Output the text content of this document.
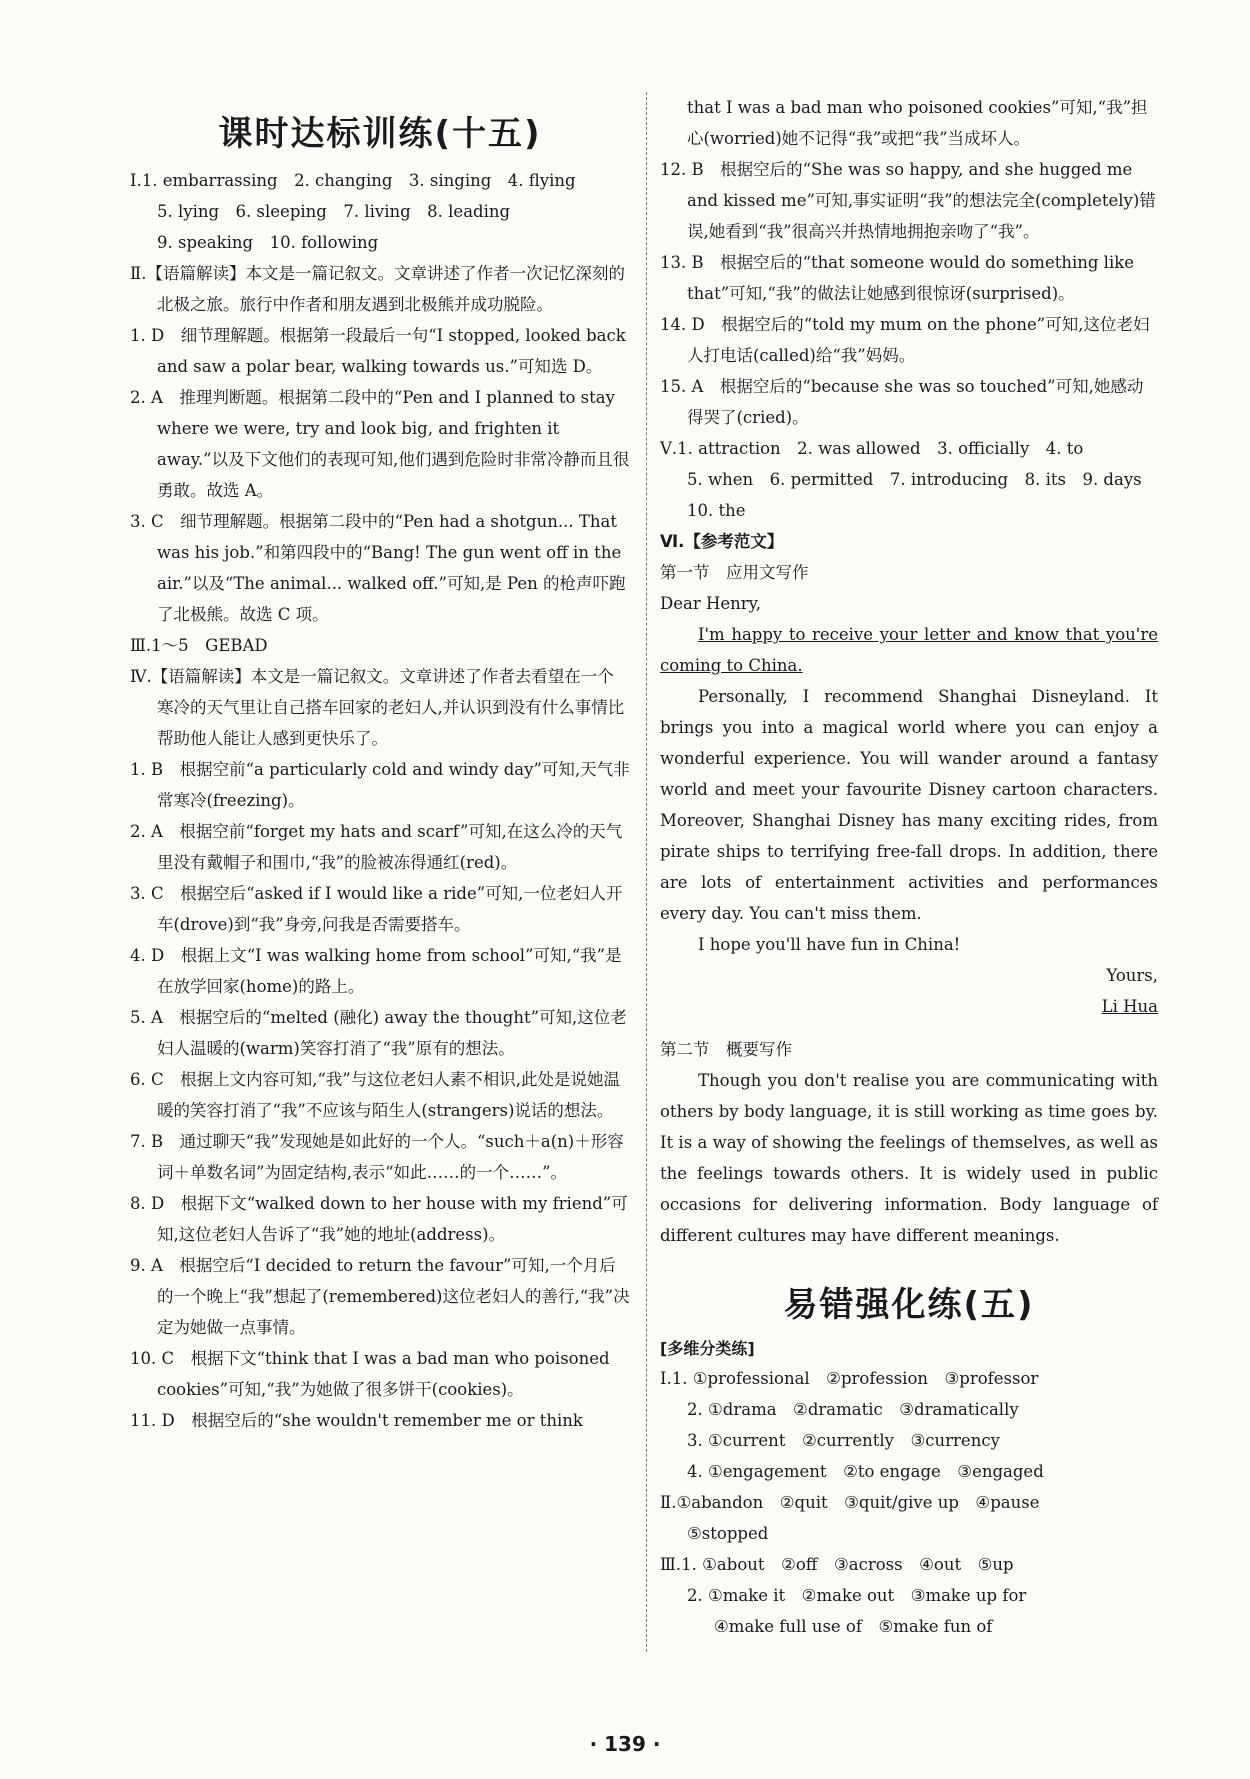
课时达标训练(十五)

Ⅰ.1. embarrassing　2. changing　3. singing　4. flying

5. lying　6. sleeping　7. living　8. leading

9. speaking　10. following

Ⅱ.【语篇解读】本文是一篇记叙文。文章讲述了作者一次记忆深刻的北极之旅。旅行中作者和朋友遇到北极熊并成功脱险。

1. D　细节理解题。根据第一段最后一句“I stopped, looked back and saw a polar bear, walking towards us.”可知选 D。

2. A　推理判断题。根据第二段中的“Pen and I planned to stay where we were, try and look big, and frighten it away.”以及下文他们的表现可知,他们遇到危险时非常冷静而且很勇敢。故选 A。

3. C　细节理解题。根据第二段中的“Pen had a shotgun... That was his job.”和第四段中的“Bang! The gun went off in the air.”以及“The animal... walked off.”可知,是 Pen 的枪声吓跑了北极熊。故选 C 项。

Ⅲ.1～5　GEBAD

Ⅳ.【语篇解读】本文是一篇记叙文。文章讲述了作者去看望在一个寒冷的天气里让自己搭车回家的老妇人,并认识到没有什么事情比帮助他人能让人感到更快乐了。

1. B　根据空前“a particularly cold and windy day”可知,天气非常寒冷(freezing)。

2. A　根据空前“forget my hats and scarf”可知,在这么冷的天气里没有戴帽子和围巾,“我”的脸被冻得通红(red)。

3. C　根据空后“asked if I would like a ride”可知,一位老妇人开车(drove)到“我”身旁,问我是否需要搭车。

4. D　根据上文“I was walking home from school”可知,“我”是在放学回家(home)的路上。

5. A　根据空后的“melted (融化) away the thought”可知,这位老妇人温暖的(warm)笑容打消了“我”原有的想法。

6. C　根据上文内容可知,“我”与这位老妇人素不相识,此处是说她温暖的笑容打消了“我”不应该与陌生人(strangers)说话的想法。

7. B　通过聊天“我”发现她是如此好的一个人。“such＋a(n)＋形容词＋单数名词”为固定结构,表示“如此……的一个……”。

8. D　根据下文“walked down to her house with my friend”可知,这位老妇人告诉了“我”她的地址(address)。

9. A　根据空后“I decided to return the favour”可知,一个月后的一个晚上“我”想起了(remembered)这位老妇人的善行,“我”决定为她做一点事情。

10. C　根据下文“think that I was a bad man who poisoned cookies”可知,“我”为她做了很多饼干(cookies)。

11. D　根据空后的“she wouldn't remember me or think

that I was a bad man who poisoned cookies”可知,“我”担心(worried)她不记得“我”或把“我”当成坏人。

12. B　根据空后的“She was so happy, and she hugged me and kissed me”可知,事实证明“我”的想法完全(completely)错误,她看到“我”很高兴并热情地拥抱亲吻了“我”。

13. B　根据空后的“that someone would do something like that”可知,“我”的做法让她感到很惊讶(surprised)。

14. D　根据空后的“told my mum on the phone”可知,这位老妇人打电话(called)给“我”妈妈。

15. A　根据空后的“because she was so touched”可知,她感动得哭了(cried)。

Ⅴ.1. attraction　2. was allowed　3. officially　4. to

5. when　6. permitted　7. introducing　8. its　9. days

10. the

Ⅵ.【参考范文】

第一节　应用文写作

Dear Henry,

I'm happy to receive your letter and know that you're coming to China.

Personally, I recommend Shanghai Disneyland. It brings you into a magical world where you can enjoy a wonderful experience. You will wander around a fantasy world and meet your favourite Disney cartoon characters. Moreover, Shanghai Disney has many exciting rides, from pirate ships to terrifying free-fall drops. In addition, there are lots of entertainment activities and performances every day. You can't miss them.

I hope you'll have fun in China!

Yours,

Li Hua

第二节　概要写作

Though you don't realise you are communicating with others by body language, it is still working as time goes by. It is a way of showing the feelings of themselves, as well as the feelings towards others. It is widely used in public occasions for delivering information. Body language of different cultures may have different meanings.

易错强化练(五)

[多维分类练]

Ⅰ.1. ①professional　②profession　③professor

2. ①drama　②dramatic　③dramatically

3. ①current　②currently　③currency

4. ①engagement　②to engage　③engaged

Ⅱ.①abandon　②quit　③quit/give up　④pause

⑤stopped

Ⅲ.1. ①about　②off　③across　④out　⑤up

2. ①make it　②make out　③make up for

④make full use of　⑤make fun of

· 139 ·
